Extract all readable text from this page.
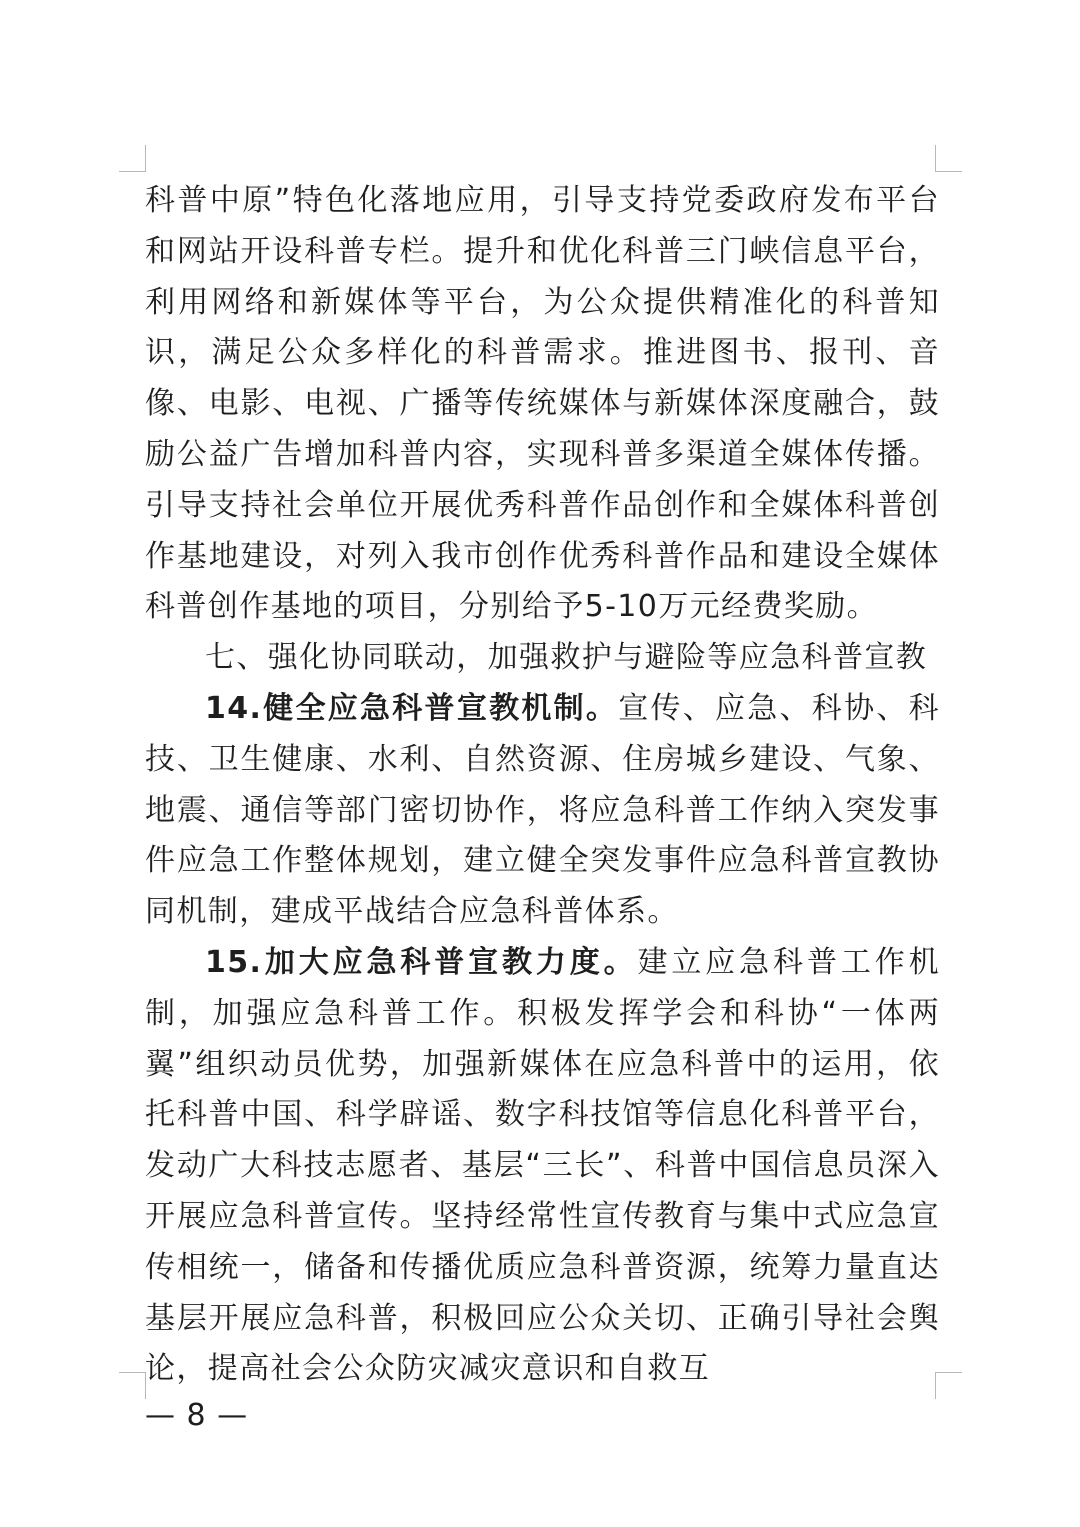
科普中原”特色化落地应用，引导支持党委政府发布平台和网站开设科普专栏。提升和优化科普三门峡信息平台，利用网络和新媒体等平台，为公众提供精准化的科普知识，满足公众多样化的科普需求。推进图书、报刊、音像、电影、电视、广播等传统媒体与新媒体深度融合，鼓励公益广告增加科普内容，实现科普多渠道全媒体传播。引导支持社会单位开展优秀科普作品创作和全媒体科普创作基地建设，对列入我市创作优秀科普作品和建设全媒体科普创作基地的项目，分别给予5-10万元经费奖励。

七、强化协同联动，加强救护与避险等应急科普宣教

14.健全应急科普宣教机制。宣传、应急、科协、科技、卫生健康、水利、自然资源、住房城乡建设、气象、地震、通信等部门密切协作，将应急科普工作纳入突发事件应急工作整体规划，建立健全突发事件应急科普宣教协同机制，建成平战结合应急科普体系。

15.加大应急科普宣教力度。建立应急科普工作机制，加强应急科普工作。积极发挥学会和科协“一体两翼”组织动员优势，加强新媒体在应急科普中的运用，依托科普中国、科学辟谣、数字科技馆等信息化科普平台，发动广大科技志愿者、基层“三长”、科普中国信息员深入开展应急科普宣传。坚持经常性宣传教育与集中式应急宣传相统一，储备和传播优质应急科普资源，统筹力量直达基层开展应急科普，积极回应公众关切、正确引导社会舆论，提高社会公众防灾减灾意识和自救互

— 8 —
